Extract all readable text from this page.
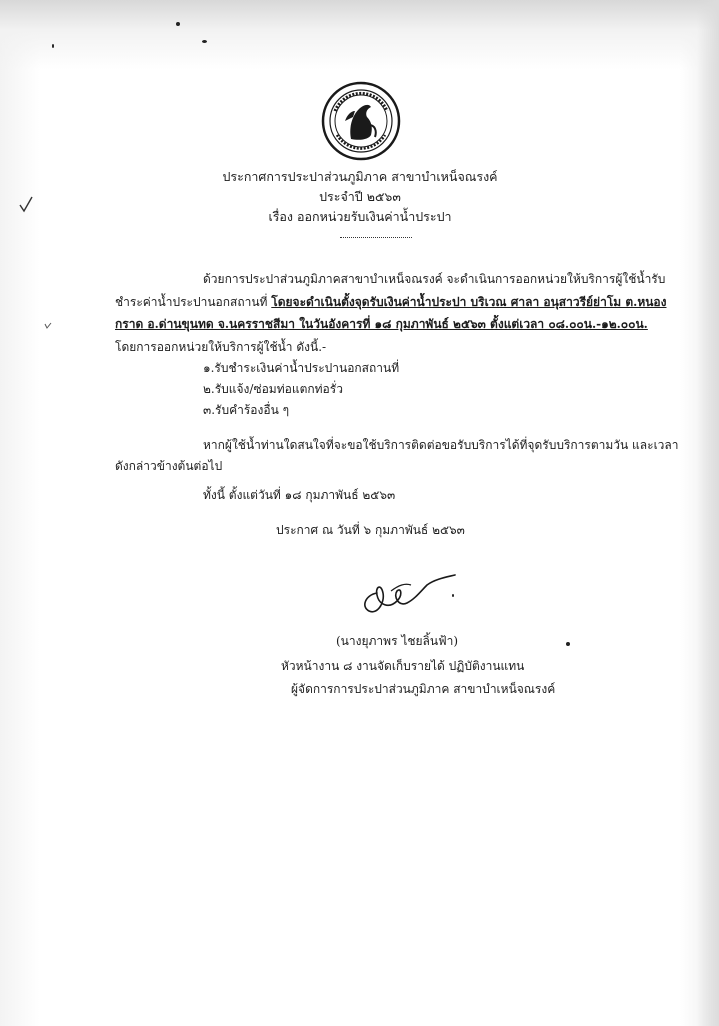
ประกาศการประปาส่วนภูมิภาค สาขาบำเหน็จณรงค์
ประจำปี ๒๕๖๓
เรื่อง ออกหน่วยรับเงินค่าน้ำประปา
ด้วยการประปาส่วนภูมิภาคสาขาบำเหน็จณรงค์ จะดำเนินการออกหน่วยให้บริการผู้ใช้น้ำรับ
ชำระค่าน้ำประปานอกสถานที่ โดยจะดำเนินตั้งจุดรับเงินค่าน้ำประปา บริเวณ ศาลา อนุสาวรีย์ย่าโม ต.หนอง
กราด อ.ด่านขุนทด จ.นครราชสีมา ในวันอังคารที่ ๑๘ กุมภาพันธ์ ๒๕๖๓ ตั้งแต่เวลา ๐๘.๐๐น.-๑๒.๐๐น.
โดยการออกหน่วยให้บริการผู้ใช้น้ำ ดังนี้.-
๑.รับชำระเงินค่าน้ำประปานอกสถานที่
๒.รับแจ้ง/ซ่อมท่อแตกท่อรั่ว
๓.รับคำร้องอื่น ๆ
หากผู้ใช้น้ำท่านใดสนใจที่จะขอใช้บริการติดต่อขอรับบริการได้ที่จุดรับบริการตามวัน และเวลา
ดังกล่าวข้างต้นต่อไป
ทั้งนี้ ตั้งแต่วันที่ ๑๘ กุมภาพันธ์ ๒๕๖๓
ประกาศ ณ วันที่ ๖ กุมภาพันธ์ ๒๕๖๓
(นางยุภาพร ไชยลิ้นฟ้า)
หัวหน้างาน ๘ งานจัดเก็บรายได้ ปฏิบัติงานแทน
ผู้จัดการการประปาส่วนภูมิภาค สาขาบำเหน็จณรงค์
